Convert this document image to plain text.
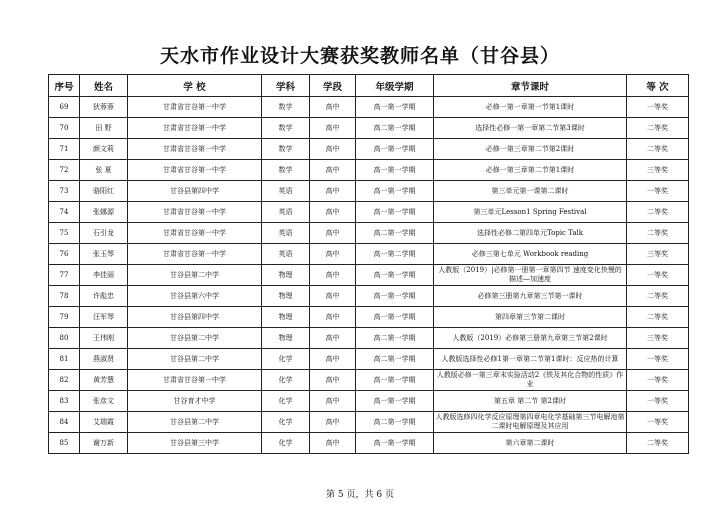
天水市作业设计大赛获奖教师名单（甘谷县）
序号	姓名	学 校	学科	学段	年级学期	章节课时	等 次
69	狄蓉蓉	甘肃省甘谷第一中学	数学	高中	高一第一学期	必修一第一章第一节第1课时	一等奖
70	田 野	甘肃省甘谷第一中学	数学	高中	高二第一学期	选择性必修一第一章第二节第3课时	二等奖
71	颜文莉	甘肃省甘谷第一中学	数学	高中	高一第一学期	必修一第三章第二节第2课时	二等奖
72	张 夏	甘肃省甘谷第一中学	数学	高中	高一第一学期	必修一第三章第二节第1课时	三等奖
73	骆阳红	甘谷县第四中学	英语	高中	高一第一学期	第三单元第一课第二课时	一等奖
74	张娜源	甘肃省甘谷第一中学	英语	高中	高一第一学期	第三单元Lesson1 Spring Festival	二等奖
75	石引龙	甘肃省甘谷第一中学	英语	高中	高二第一学期	选择性必修二第四单元Topic Talk	二等奖
76	张玉琴	甘肃省甘谷第一中学	英语	高中	高一第二学期	必修三第七单元 Workbook reading	三等奖
77	李佳丽	甘谷县第二中学	物理	高中	高一第一学期	人教版（2019）|必修第一册第一章第四节 速度变化快慢的描述—加速度	一等奖
78	许彪忠	甘谷县第六中学	物理	高中	高一第一学期	必修第三册第九章第三节第一课时	二等奖
79	汪军琴	甘谷县第四中学	物理	高中	高一第一学期	第四章第三节第二课时	二等奖
80	王伟刚	甘谷县第二中学	物理	高中	高二第一学期	人教版（2019）必修第三册第九章第三节第2课时	三等奖
81	燕淑贤	甘谷县第二中学	化学	高中	高二第一学期	人教版选择性必修1第一章第二节第1课时：反应热的计算	一等奖
82	黄芳慧	甘肃省甘谷第一中学	化学	高中	高一第一学期	人教版必修一第三章末实验活动2《铁及其化合物的性质》作业	一等奖
83	张彦文	甘谷育才中学	化学	高中	高一第一学期	第五章 第二节 第2课时	一等奖
84	艾瑞霞	甘谷县第二中学	化学	高中	高二第一学期	人教版选修四化学反应原理第四章电化学基础第三节电解池第二课时电解原理及其应用	一等奖
85	谢万新	甘谷县第三中学	化学	高中	高一第一学期	第六章第二课时	二等奖
第 5 页，共 6 页
